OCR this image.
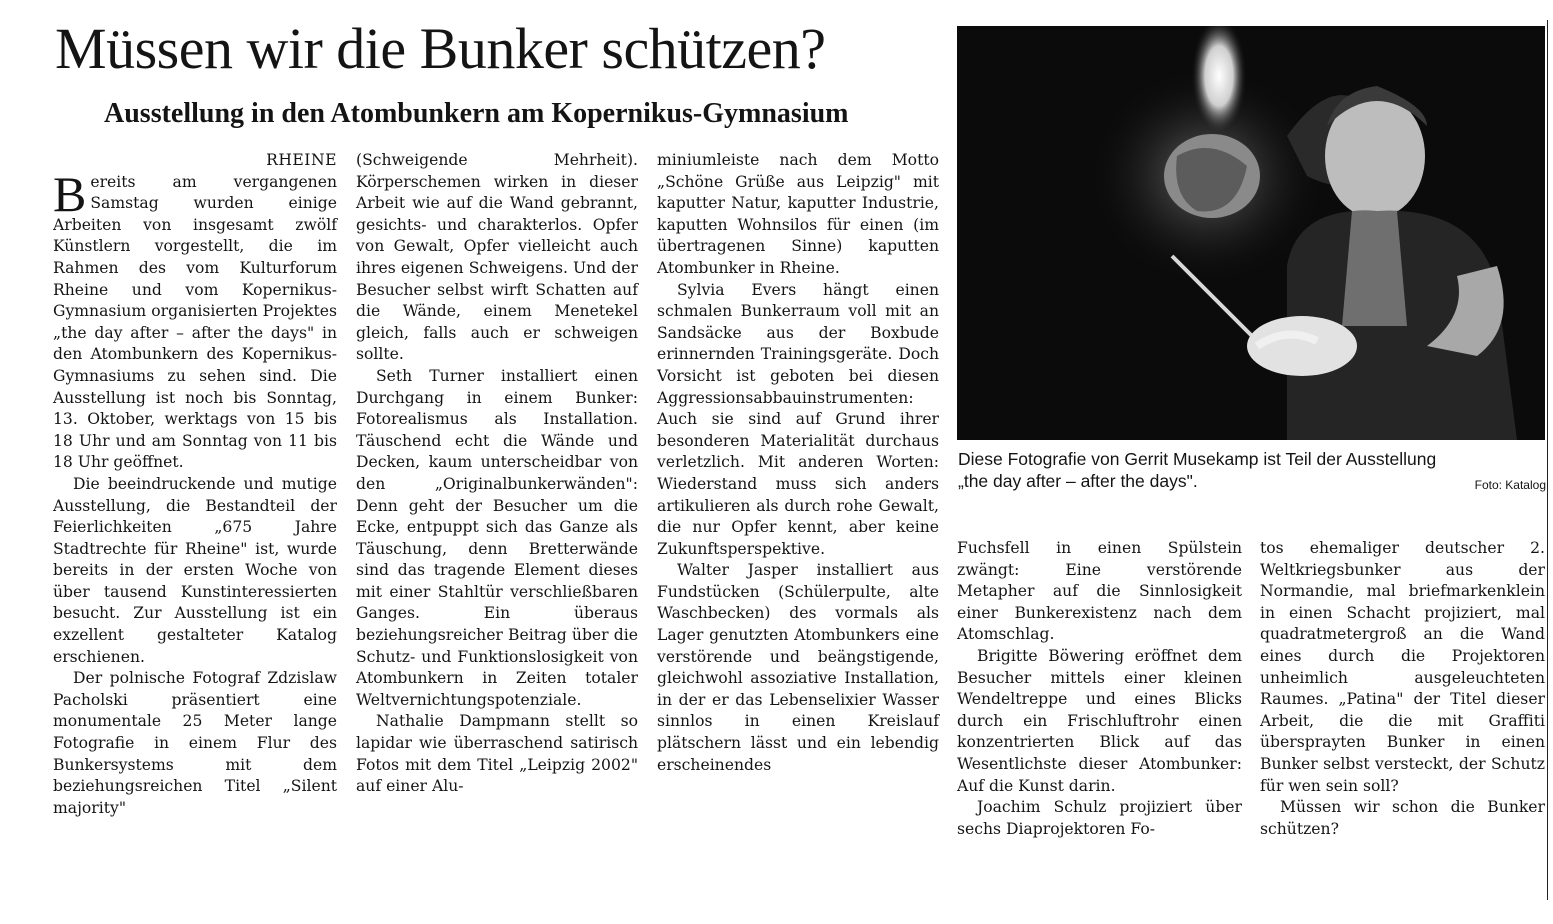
Müssen wir die Bunker schützen?
Ausstellung in den Atombunkern am Kopernikus-Gymnasium

RHEINE

Bereits am vergangenen Samstag wurden einige Arbeiten von insgesamt zwölf Künstlern vorgestellt, die im Rahmen des vom Kulturforum Rheine und vom Kopernikus-Gymnasium organisierten Projektes „the day after – after the days" in den Atombunkern des Kopernikus-Gymnasiums zu sehen sind. Die Ausstellung ist noch bis Sonntag, 13. Oktober, werktags von 15 bis 18 Uhr und am Sonntag von 11 bis 18 Uhr geöffnet.

Die beeindruckende und mutige Ausstellung, die Bestandteil der Feierlichkeiten „675 Jahre Stadtrechte für Rheine" ist, wurde bereits in der ersten Woche von über tausend Kunstinteressierten besucht. Zur Ausstellung ist ein exzellent gestalteter Katalog erschienen.

Der polnische Fotograf Zdzislaw Pacholski präsentiert eine monumentale 25 Meter lange Fotografie in einem Flur des Bunkersystems mit dem beziehungsreichen Titel „Silent majority"

(Schweigende Mehrheit). Körperschemen wirken in dieser Arbeit wie auf die Wand gebrannt, gesichts- und charakterlos. Opfer von Gewalt, Opfer vielleicht auch ihres eigenen Schweigens. Und der Besucher selbst wirft Schatten auf die Wände, einem Menetekel gleich, falls auch er schweigen sollte.

Seth Turner installiert einen Durchgang in einem Bunker: Fotorealismus als Installation. Täuschend echt die Wände und Decken, kaum unterscheidbar von den „Originalbunkerwänden": Denn geht der Besucher um die Ecke, entpuppt sich das Ganze als Täuschung, denn Bretterwände sind das tragende Element dieses mit einer Stahltür verschließbaren Ganges. Ein überaus beziehungsreicher Beitrag über die Schutz- und Funktionslosigkeit von Atombunkern in Zeiten totaler Weltvernichtungspotenziale.

Nathalie Dampmann stellt so lapidar wie überraschend satirisch Fotos mit dem Titel „Leipzig 2002" auf einer Alu-

miniumleiste nach dem Motto „Schöne Grüße aus Leipzig" mit kaputter Natur, kaputter Industrie, kaputten Wohnsilos für einen (im übertragenen Sinne) kaputten Atombunker in Rheine.

Sylvia Evers hängt einen schmalen Bunkerraum voll mit an Sandsäcke aus der Boxbude erinnernden Trainingsgeräte. Doch Vorsicht ist geboten bei diesen Aggressionsabbauinstrumenten: Auch sie sind auf Grund ihrer besonderen Materialität durchaus verletzlich. Mit anderen Worten: Wiederstand muss sich anders artikulieren als durch rohe Gewalt, die nur Opfer kennt, aber keine Zukunftsperspektive.

Walter Jasper installiert aus Fundstücken (Schülerpulte, alte Waschbecken) des vormals als Lager genutzten Atombunkers eine verstörende und beängstigende, gleichwohl assoziative Installation, in der er das Lebenselixier Wasser sinnlos in einen Kreislauf plätschern lässt und ein lebendig erscheinendes

Diese Fotografie von Gerrit Musekamp ist Teil der Ausstellung
„the day after – after the days".	Foto: Katalog

Fuchsfell in einen Spülstein zwängt: Eine verstörende Metapher auf die Sinnlosigkeit einer Bunkerexistenz nach dem Atomschlag.

Brigitte Böwering eröffnet dem Besucher mittels einer kleinen Wendeltreppe und eines Blicks durch ein Frischluftrohr einen konzentrierten Blick auf das Wesentlichste dieser Atombunker: Auf die Kunst darin.

Joachim Schulz projiziert über sechs Diaprojektoren Fo-

tos ehemaliger deutscher 2. Weltkriegsbunker aus der Normandie, mal briefmarkenklein in einen Schacht projiziert, mal quadratmetergroß an die Wand eines durch die Projektoren unheimlich ausgeleuchteten Raumes. „Patina" der Titel dieser Arbeit, die die mit Graffiti übersprayten Bunker in einen Bunker selbst versteckt, der Schutz für wen sein soll?

Müssen wir schon die Bunker schützen?
